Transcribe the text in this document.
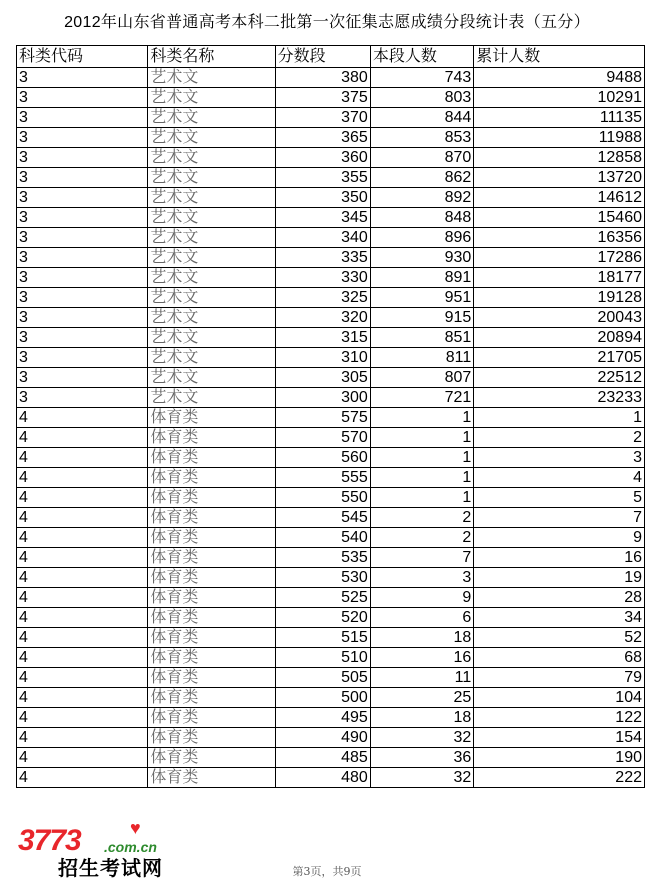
2012年山东省普通高考本科二批第一次征集志愿成绩分段统计表（五分）
科类代码	科类名称	分数段	本段人数	累计人数
3	艺术文	380	743	9488
3	艺术文	375	803	10291
3	艺术文	370	844	11135
3	艺术文	365	853	11988
3	艺术文	360	870	12858
3	艺术文	355	862	13720
3	艺术文	350	892	14612
3	艺术文	345	848	15460
3	艺术文	340	896	16356
3	艺术文	335	930	17286
3	艺术文	330	891	18177
3	艺术文	325	951	19128
3	艺术文	320	915	20043
3	艺术文	315	851	20894
3	艺术文	310	811	21705
3	艺术文	305	807	22512
3	艺术文	300	721	23233
4	体育类	575	1	1
4	体育类	570	1	2
4	体育类	560	1	3
4	体育类	555	1	4
4	体育类	550	1	5
4	体育类	545	2	7
4	体育类	540	2	9
4	体育类	535	7	16
4	体育类	530	3	19
4	体育类	525	9	28
4	体育类	520	6	34
4	体育类	515	18	52
4	体育类	510	16	68
4	体育类	505	11	79
4	体育类	500	25	104
4	体育类	495	18	122
4	体育类	490	32	154
4	体育类	485	36	190
4	体育类	480	32	222
♥
3773 .com.cn
招生考试网	第3页，共9页
